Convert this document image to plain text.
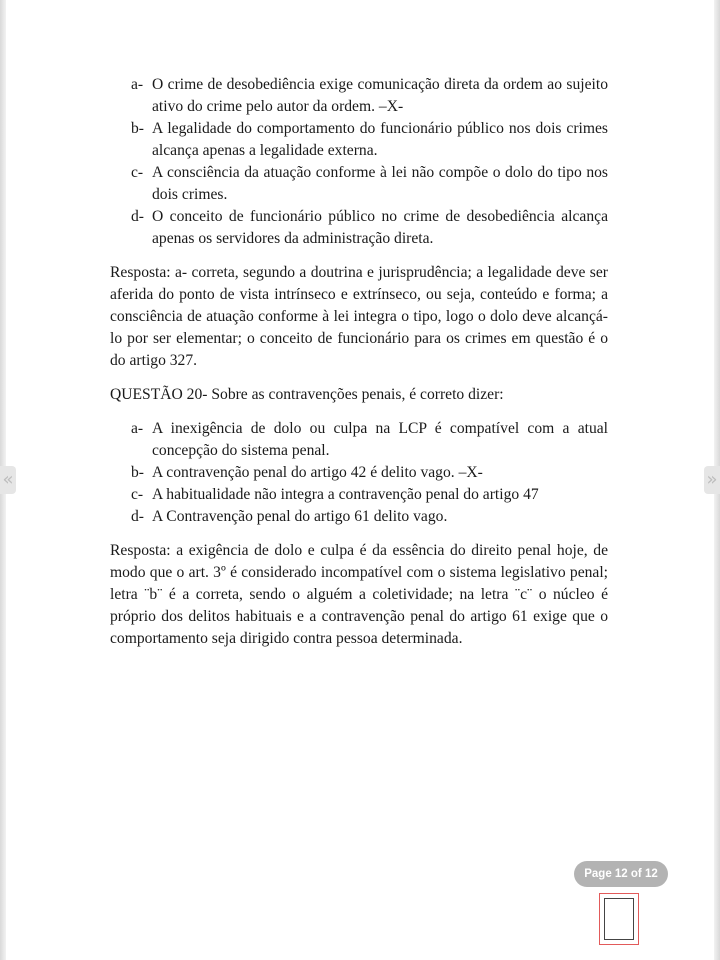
«	»
a- O crime de desobediência exige comunicação direta da ordem ao sujeito ativo do crime pelo autor da ordem. –X-
b- A legalidade do comportamento do funcionário público nos dois crimes alcança apenas a legalidade externa.
c- A consciência da atuação conforme à lei não compõe o dolo do tipo nos dois crimes.
d- O conceito de funcionário público no crime de desobediência alcança apenas os servidores da administração direta.

Resposta: a- correta, segundo a doutrina e jurisprudência; a legalidade deve ser aferida do ponto de vista intrínseco e extrínseco, ou seja, conteúdo e forma; a consciência de atuação conforme à lei integra o tipo, logo o dolo deve alcançá-lo por ser elementar; o conceito de funcionário para os crimes em questão é o do artigo 327.

QUESTÃO 20- Sobre as contravenções penais, é correto dizer:

a- A inexigência de dolo ou culpa na LCP é compatível com a atual concepção do sistema penal.
b- A contravenção penal do artigo 42 é delito vago. –X-
c- A habitualidade não integra a contravenção penal do artigo 47
d- A Contravenção penal do artigo 61 delito vago.

Resposta: a exigência de dolo e culpa é da essência do direito penal hoje, de modo que o art. 3º é considerado incompatível com o sistema legislativo penal; letra ¨b¨ é a correta, sendo o alguém a coletividade; na letra ¨c¨ o núcleo é próprio dos delitos habituais e a contravenção penal do artigo 61 exige que o comportamento seja dirigido contra pessoa determinada.

Page 12 of 12
